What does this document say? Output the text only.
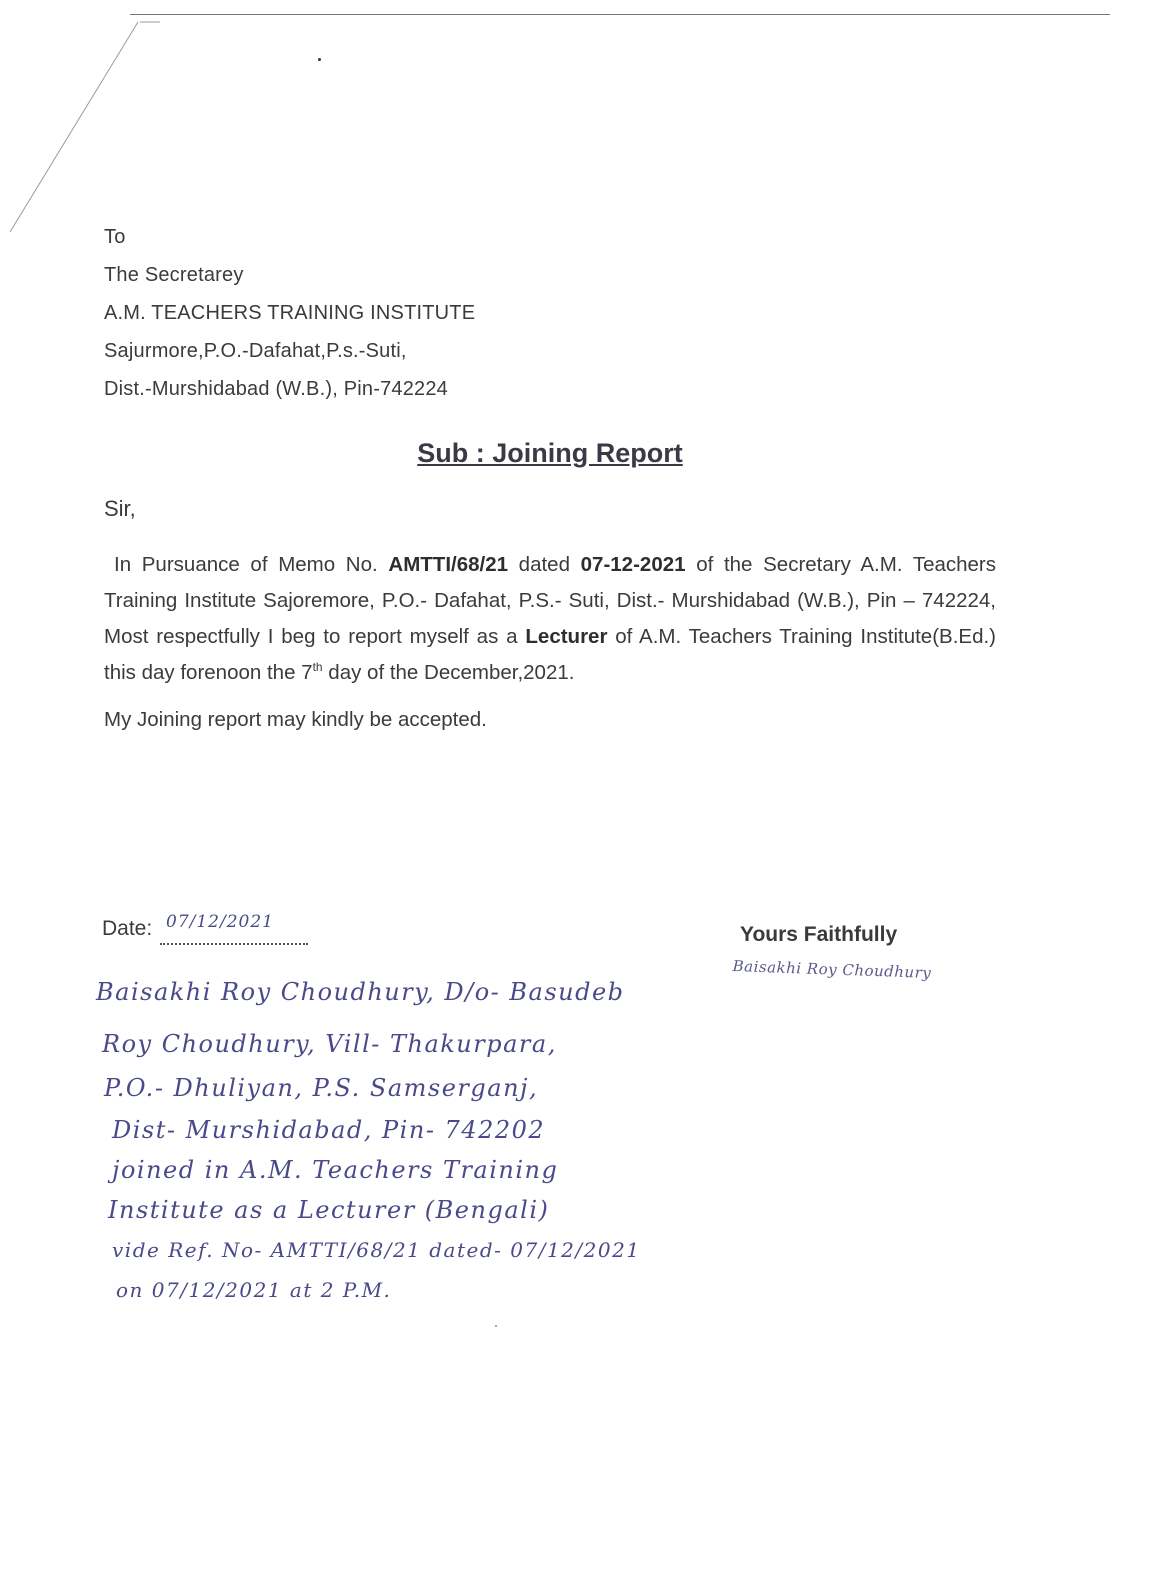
To
The Secretarey
A.M. TEACHERS TRAINING INSTITUTE
Sajurmore,P.O.-Dafahat,P.s.-Suti,
Dist.-Murshidabad (W.B.), Pin-742224
Sub : Joining Report
Sir,
In Pursuance of Memo No. AMTTI/68/21 dated 07-12-2021 of the Secretary A.M. Teachers Training Institute Sajoremore, P.O.- Dafahat, P.S.- Suti, Dist.- Murshidabad (W.B.), Pin – 742224, Most respectfully I beg to report myself as a Lecturer of A.M. Teachers Training Institute(B.Ed.) this day forenoon the 7th day of the December,2021.
My Joining report may kindly be accepted.
Date: 07/12/2021
Yours Faithfully
Baisakhi Roy Choudhury
Baisakhi Roy Choudhury, D/o- Basudeb
Roy Choudhury, Vill- Thakurpara,
P.O.- Dhuliyan, P.S. Samserganj,
Dist- Murshidabad, Pin- 742202
joined in A.M. Teachers Training
Institute as a Lecturer (Bengali)
vide Ref. No- AMTTI/68/21 dated- 07/12/2021
on 07/12/2021 at 2 P.M.
